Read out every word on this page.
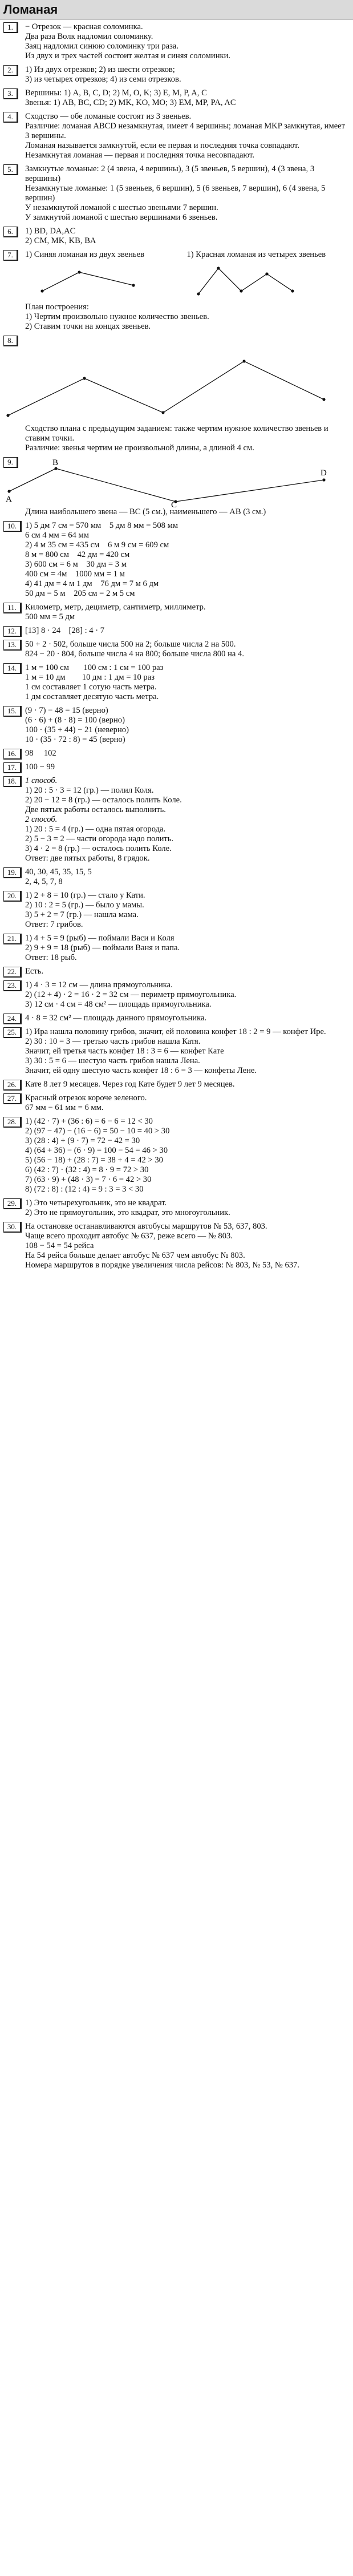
Ломаная
1.	− Отрезок — красная соломинка.

Два раза Волк надломил соломинку.

Заяц надломил синюю соломинку три раза.

Из двух и трех частей состоит желтая и синяя соломинки.

2.	1) Из двух отрезков; 2) из шести отрезков;

3) из четырех отрезков; 4) из семи отрезков.

3.	Вершины: 1) A, B, C, D; 2) M, O, K; 3) E, M, P, A, C

Звенья: 1) AB, BC, CD; 2) MK, KO, MO; 3) EM, MP, PA, AC

4.	Сходство — обе ломаные состоят из 3 звеньев.

Различие: ломаная ABCD незамкнутая, имеет 4 вершины; ломаная MKP замкнутая, имеет 3 вершины.

Ломаная называется замкнутой, если ее первая и последняя точка совпадают.

Незамкнутая ломаная — первая и последняя точка несовпадают.

5.	Замкнутые ломаные: 2 (4 звена, 4 вершины), 3 (5 звеньев, 5 вершин), 4 (3 звена, 3 вершины)

Незамкнутые ломаные: 1 (5 звеньев, 6 вершин), 5 (6 звеньев, 7 вершин), 6 (4 звена, 5 вершин)

У незамкнутой ломаной с шестью звеньями 7 вершин.

У замкнутой ломаной с шестью вершинами 6 звеньев.

6.	1) BD, DA,AC

2) CM, MK, KB, BA

7.	1) Синяя ломаная из двух звеньев	1) Красная ломаная из четырех звеньев

План построения:

1) Чертим произвольно нужное количество звеньев.

2) Ставим точки на концах звеньев.

8.

Сходство плана с предыдущим заданием: также чертим нужное количество звеньев и ставим точки.

Различие: звенья чертим не произвольной длины, а длиной 4 см.

9.
A
B
C
D

Длина наибольшего звена — BC (5 см.), наименьшего — AB (3 см.)

10.	1) 5 дм 7 см = 570 мм    5 дм 8 мм = 508 мм

6 см 4 мм = 64 мм

2) 4 м 35 см = 435 см    6 м 9 см = 609 см

8 м = 800 см    42 дм = 420 см

3) 600 см = 6 м    30 дм = 3 м

400 см = 4м    1000 мм = 1 м

4) 41 дм = 4 м 1 дм    76 дм = 7 м 6 дм

50 дм = 5 м    205 см = 2 м 5 см

11.	Километр, метр, дециметр, сантиметр, миллиметр.

500 мм = 5 дм

12.	[13] 8 · 24    [28] : 4 · 7

13.	50 + 2 · 502, больше числа 500 на 2; больше числа 2 на 500.

824 − 20 · 804, больше числа 4 на 800; больше числа 800 на 4.

14.	1 м = 100 см       100 см : 1 см = 100 раз

1 м = 10 дм        10 дм : 1 дм = 10 раз

1 см составляет 1 сотую часть метра.

1 дм составляет десятую часть метра.

15.	(9 · 7) − 48 = 15 (верно)

(6 · 6) + (8 · 8) = 100 (верно)

100 · (35 + 44) − 21 (неверно)

10 · (35 · 72 : 8) = 45 (верно)

16.	98     102

17.	100 − 99

18.	1 способ.

1) 20 : 5 · 3 = 12 (гр.) — полил Коля.

2) 20 − 12 = 8 (гр.) — осталось полить Коле.

Две пятых работы осталось выполнить.

2 способ.

1) 20 : 5 = 4 (гр.) — одна пятая огорода.

2) 5 − 3 = 2 — части огорода надо полить.

3) 4 · 2 = 8 (гр.) — осталось полить Коле.

Ответ: две пятых работы, 8 грядок.

19.	40, 30, 45, 35, 15, 5

2, 4, 5, 7, 8

20.	1) 2 + 8 = 10 (гр.) — стало у Кати.

2) 10 : 2 = 5 (гр.) — было у мамы.

3) 5 + 2 = 7 (гр.) — нашла мама.

Ответ: 7 грибов.

21.	1) 4 + 5 = 9 (рыб) — поймали Васи и Коля

2) 9 + 9 = 18 (рыб) — поймали Ваня и папа.

Ответ: 18 рыб.

22.	Есть.

23.	1) 4 · 3 = 12 см — длина прямоугольника.

2) (12 + 4) · 2 = 16 · 2 = 32 см — периметр прямоугольника.

3) 12 см · 4 см = 48 см² — площадь прямоугольника.

24.	4 · 8 = 32 см² — площадь данного прямоугольника.

25.	1) Ира нашла половину грибов, значит, ей половина конфет 18 : 2 = 9 — конфет Ире.

2) 30 : 10 = 3 — третью часть грибов нашла Катя.

Значит, ей третья часть конфет 18 : 3 = 6 — конфет Кате

3) 30 : 5 = 6 — шестую часть грибов нашла Лена.

Значит, ей одну шестую часть конфет 18 : 6 = 3 — конфеты Лене.

26.	Кате 8 лет 9 месяцев. Через год Кате будет 9 лет 9 месяцев.

27.	Красный отрезок короче зеленого.

67 мм − 61 мм = 6 мм.

28.	1) (42 · 7) + (36 : 6) = 6 − 6 = 12 < 30

2) (97 − 47) − (16 − 6) = 50 − 10 = 40 > 30

3) (28 : 4) + (9 · 7) = 72 − 42 = 30

4) (64 + 36) − (6 · 9) = 100 − 54 = 46 > 30

5) (56 − 18) + (28 : 7) = 38 + 4 = 42 > 30

6) (42 : 7) · (32 : 4) = 8 · 9 = 72 > 30

7) (63 · 9) + (48 · 3) = 7 · 6 = 42 > 30

8) (72 : 8) : (12 : 4) = 9 : 3 = 3 < 30

29.	1) Это четырехугольник, это не квадрат.

2) Это не прямоугольник, это квадрат, это многоугольник.

30.	На остановке останавливаются автобусы маршрутов № 53, 637, 803.

Чаще всего проходит автобус № 637, реже всего — № 803.

108 − 54 = 54 рейса

На 54 рейса больше делает автобус № 637 чем автобус № 803.

Номера маршрутов в порядке увеличения числа рейсов: № 803, № 53, № 637.
